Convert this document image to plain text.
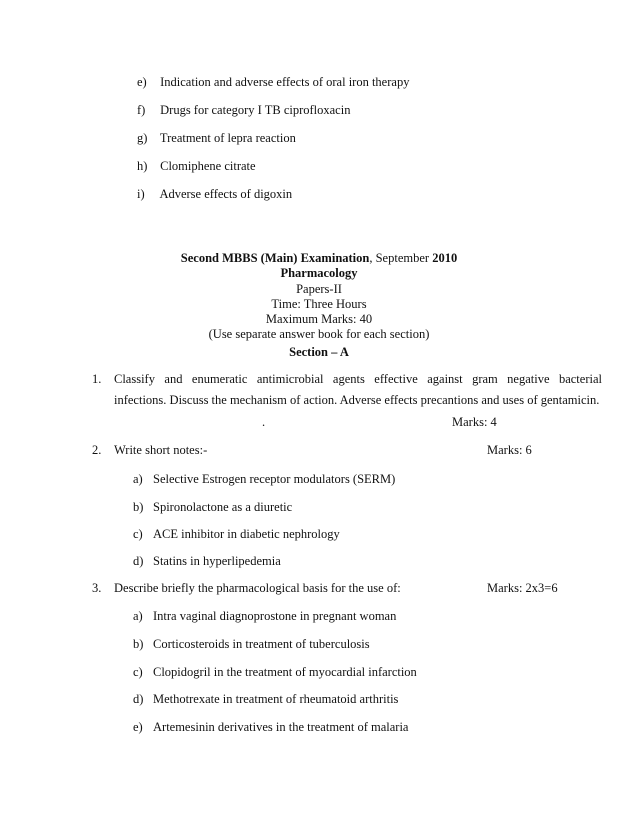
e) Indication and adverse effects of oral iron therapy
f) Drugs for category I TB ciprofloxacin
g) Treatment of lepra reaction
h) Clomiphene citrate
i) Adverse effects of digoxin
Second MBBS (Main) Examination, September 2010
Pharmacology
Papers-II
Time: Three Hours
Maximum Marks: 40
(Use separate answer book for each section)
Section – A
1. Classify and enumeratic antimicrobial agents effective against gram negative bacterial
infections. Discuss the mechanism of action. Adverse effects precantions and uses of gentamicin.
.	Marks: 4
2. Write short notes:-	Marks: 6
a) Selective Estrogen receptor modulators (SERM)
b) Spironolactone as a diuretic
c) ACE inhibitor in diabetic nephrology
d) Statins in hyperlipedemia
3. Describe briefly the pharmacological basis for the use of:	Marks: 2x3=6
a) Intra vaginal diagnoprostone in pregnant woman
b) Corticosteroids in treatment of tuberculosis
c) Clopidogril in the treatment of myocardial infarction
d) Methotrexate in treatment of rheumatoid arthritis
e) Artemesinin derivatives in the treatment of malaria
